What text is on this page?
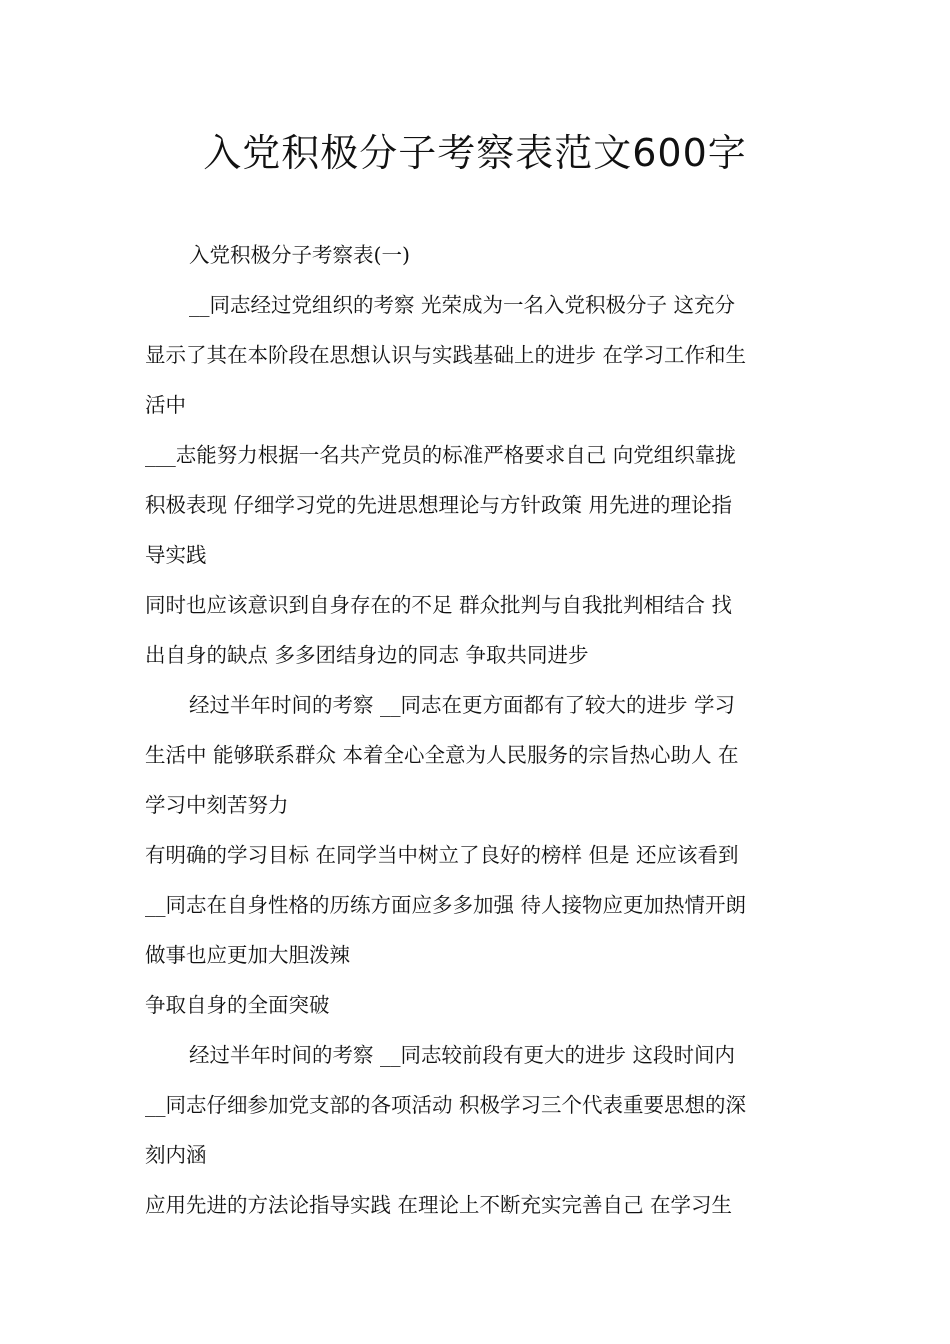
入党积极分子考察表范文600字
入党积极分子考察表(一)
__同志经过党组织的考察 光荣成为一名入党积极分子 这充分
显示了其在本阶段在思想认识与实践基础上的进步 在学习工作和生
活中
___志能努力根据一名共产党员的标准严格要求自己 向党组织靠拢
积极表现 仔细学习党的先进思想理论与方针政策 用先进的理论指
导实践
同时也应该意识到自身存在的不足 群众批判与自我批判相结合 找
出自身的缺点 多多团结身边的同志 争取共同进步
经过半年时间的考察 __同志在更方面都有了较大的进步 学习
生活中 能够联系群众 本着全心全意为人民服务的宗旨热心助人 在
学习中刻苦努力
有明确的学习目标 在同学当中树立了良好的榜样 但是 还应该看到
__同志在自身性格的历练方面应多多加强 待人接物应更加热情开朗
做事也应更加大胆泼辣
争取自身的全面突破
经过半年时间的考察 __同志较前段有更大的进步 这段时间内
__同志仔细参加党支部的各项活动 积极学习三个代表重要思想的深
刻内涵
应用先进的方法论指导实践 在理论上不断充实完善自己 在学习生
